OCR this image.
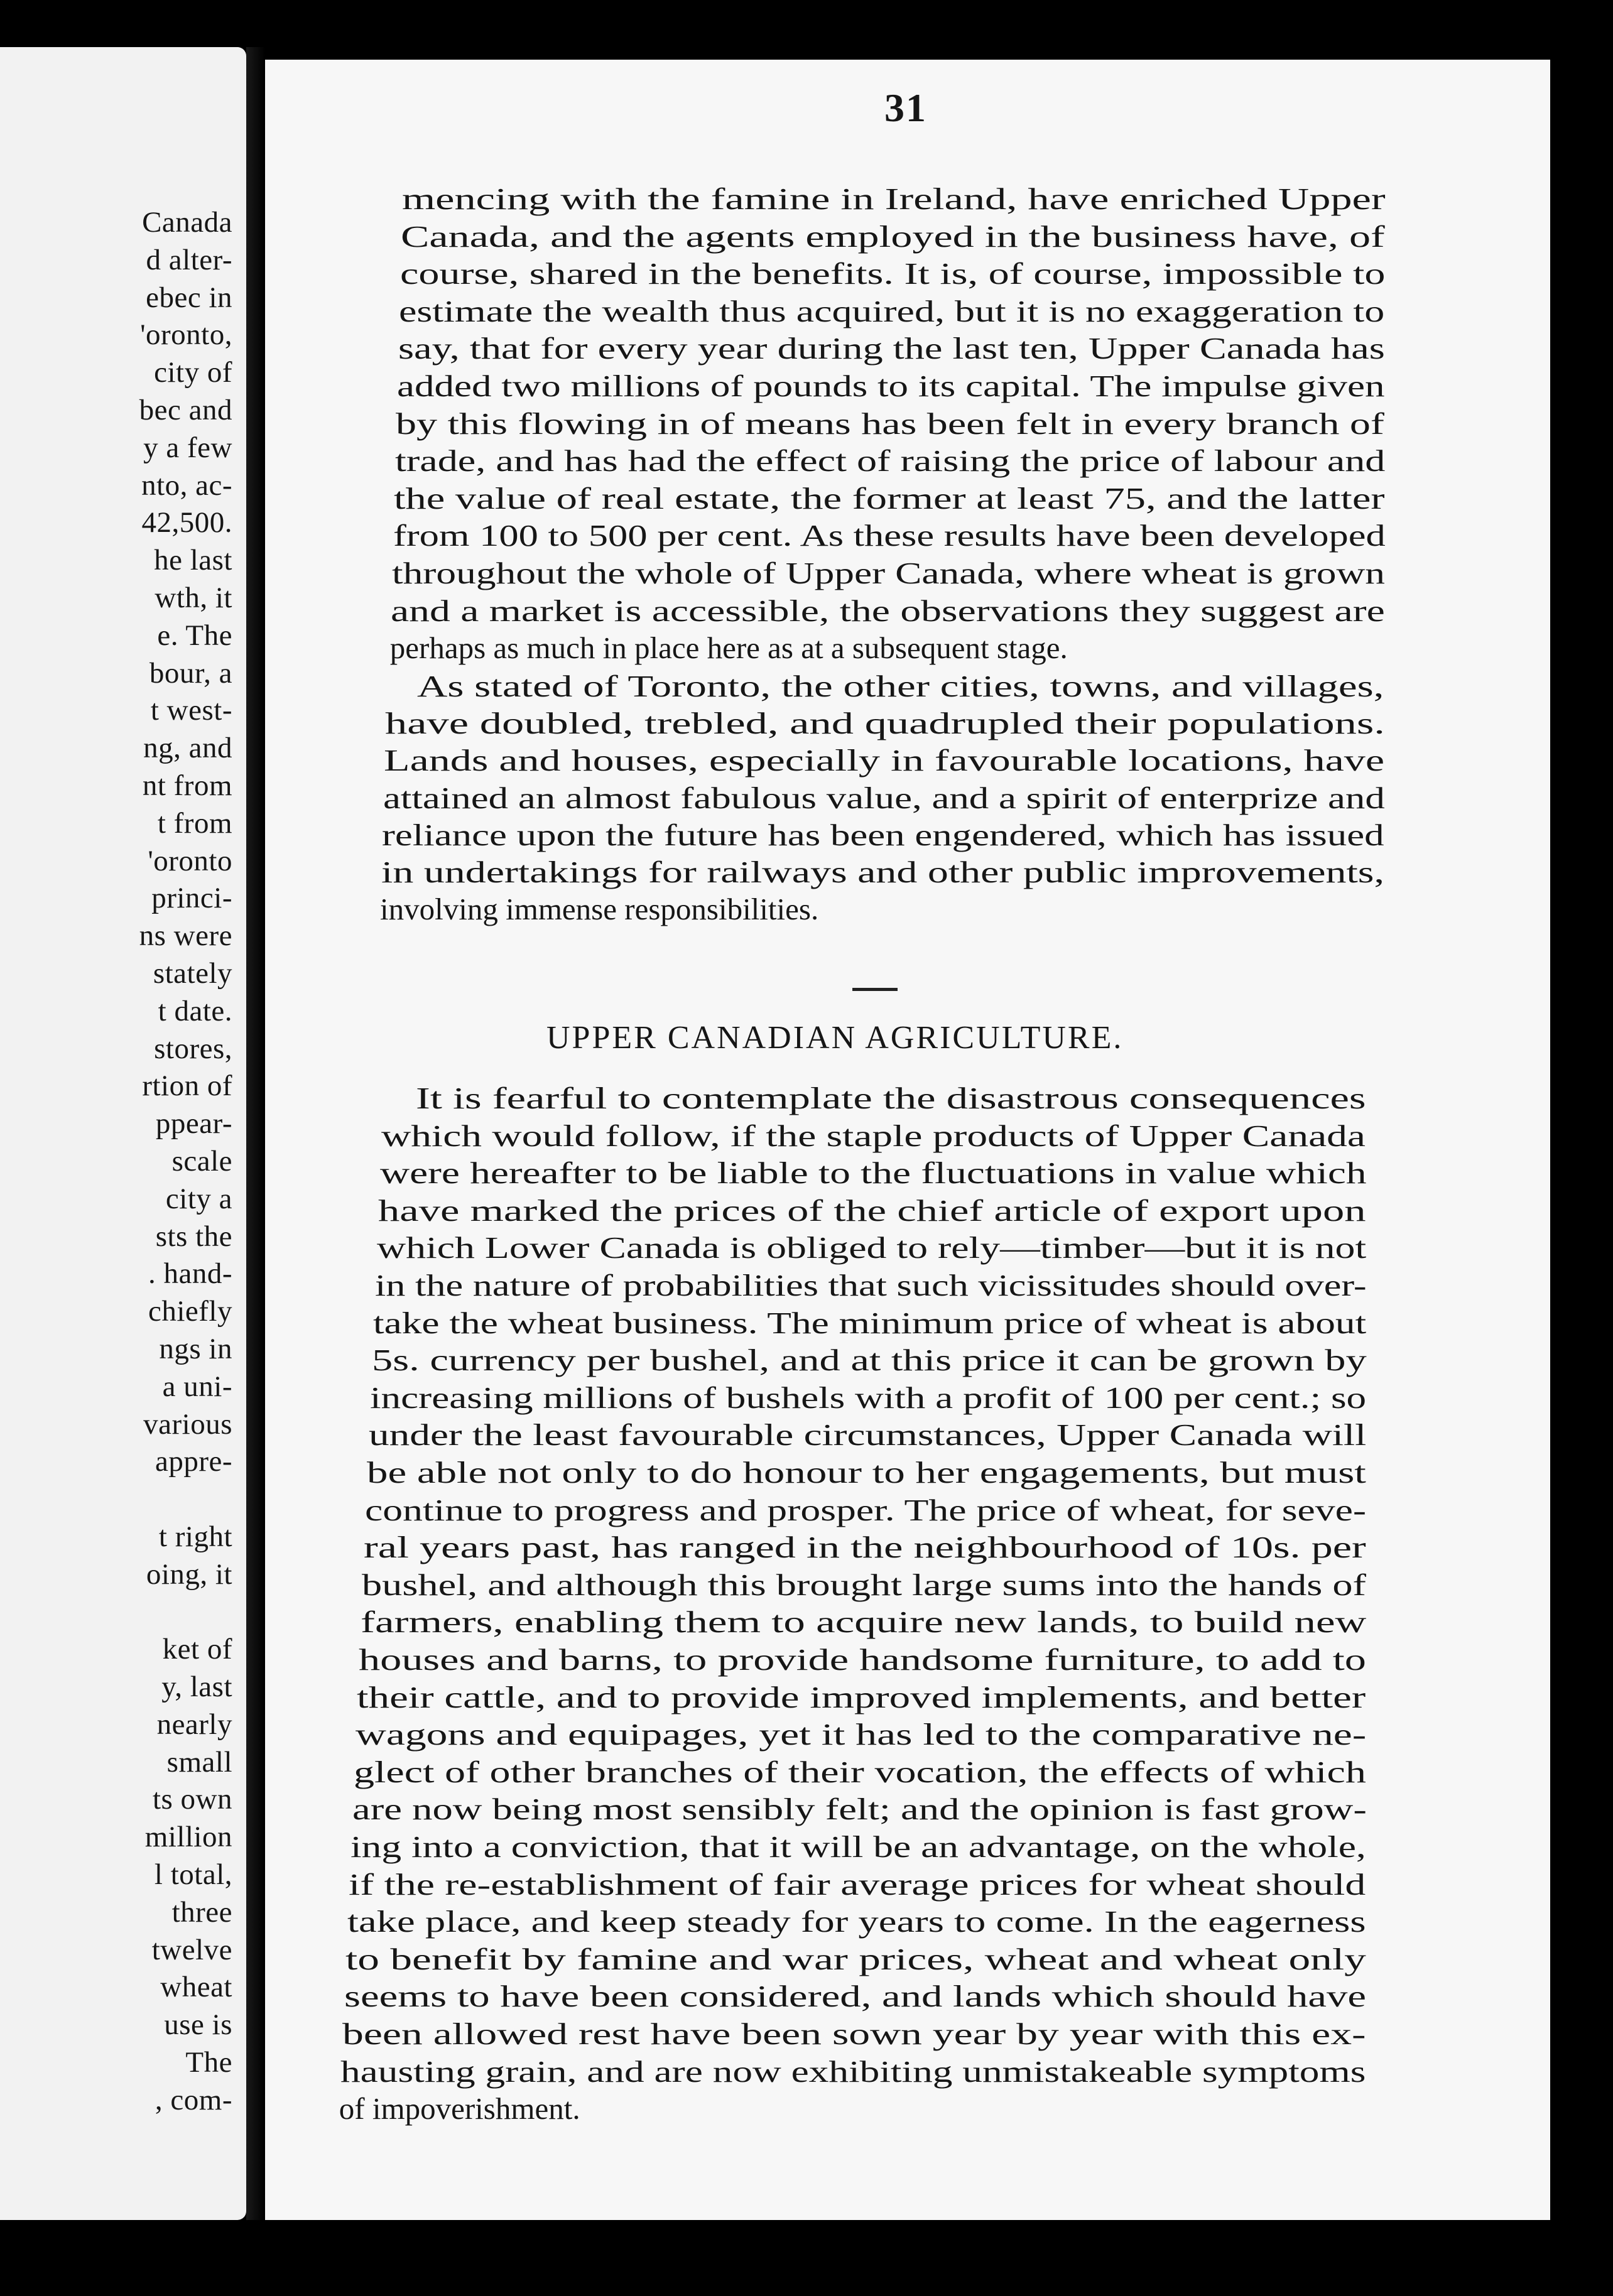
Canada
d alter-
ebec in
'oronto,
city of
bec and
y a few
nto, ac-
42,500.
he last
wth, it
e. The
bour, a
t west-
ng, and
nt from
t from
'oronto
princi-
ns were
stately
t date.
stores,
rtion of
ppear-
scale
city a
sts the
. hand-
chiefly
ngs in
a uni-
various
appre-
t right
oing, it
ket of
y, last
nearly
small
ts own
million
l total,
three
twelve
wheat
use is
The
, com-
31
mencing with the famine in Ireland, have enriched Upper
Canada, and the agents employed in the business have, of
course, shared in the benefits. It is, of course, impossible to
estimate the wealth thus acquired, but it is no exaggeration to
say, that for every year during the last ten, Upper Canada has
added two millions of pounds to its capital. The impulse given
by this flowing in of means has been felt in every branch of
trade, and has had the effect of raising the price of labour and
the value of real estate, the former at least 75, and the latter
from 100 to 500 per cent. As these results have been developed
throughout the whole of Upper Canada, where wheat is grown
and a market is accessible, the observations they suggest are
perhaps as much in place here as at a subsequent stage.
As stated of Toronto, the other cities, towns, and villages,
have doubled, trebled, and quadrupled their populations.
Lands and houses, especially in favourable locations, have
attained an almost fabulous value, and a spirit of enterprize and
reliance upon the future has been engendered, which has issued
in undertakings for railways and other public improvements,
involving immense responsibilities.
UPPER CANADIAN AGRICULTURE.
It is fearful to contemplate the disastrous consequences
which would follow, if the staple products of Upper Canada
were hereafter to be liable to the fluctuations in value which
have marked the prices of the chief article of export upon
which Lower Canada is obliged to rely—timber—but it is not
in the nature of probabilities that such vicissitudes should over-
take the wheat business. The minimum price of wheat is about
5s. currency per bushel, and at this price it can be grown by
increasing millions of bushels with a profit of 100 per cent.; so
under the least favourable circumstances, Upper Canada will
be able not only to do honour to her engagements, but must
continue to progress and prosper. The price of wheat, for seve-
ral years past, has ranged in the neighbourhood of 10s. per
bushel, and although this brought large sums into the hands of
farmers, enabling them to acquire new lands, to build new
houses and barns, to provide handsome furniture, to add to
their cattle, and to provide improved implements, and better
wagons and equipages, yet it has led to the comparative ne-
glect of other branches of their vocation, the effects of which
are now being most sensibly felt; and the opinion is fast grow-
ing into a conviction, that it will be an advantage, on the whole,
if the re-establishment of fair average prices for wheat should
take place, and keep steady for years to come. In the eagerness
to benefit by famine and war prices, wheat and wheat only
seems to have been considered, and lands which should have
been allowed rest have been sown year by year with this ex-
hausting grain, and are now exhibiting unmistakeable symptoms
of impoverishment.
